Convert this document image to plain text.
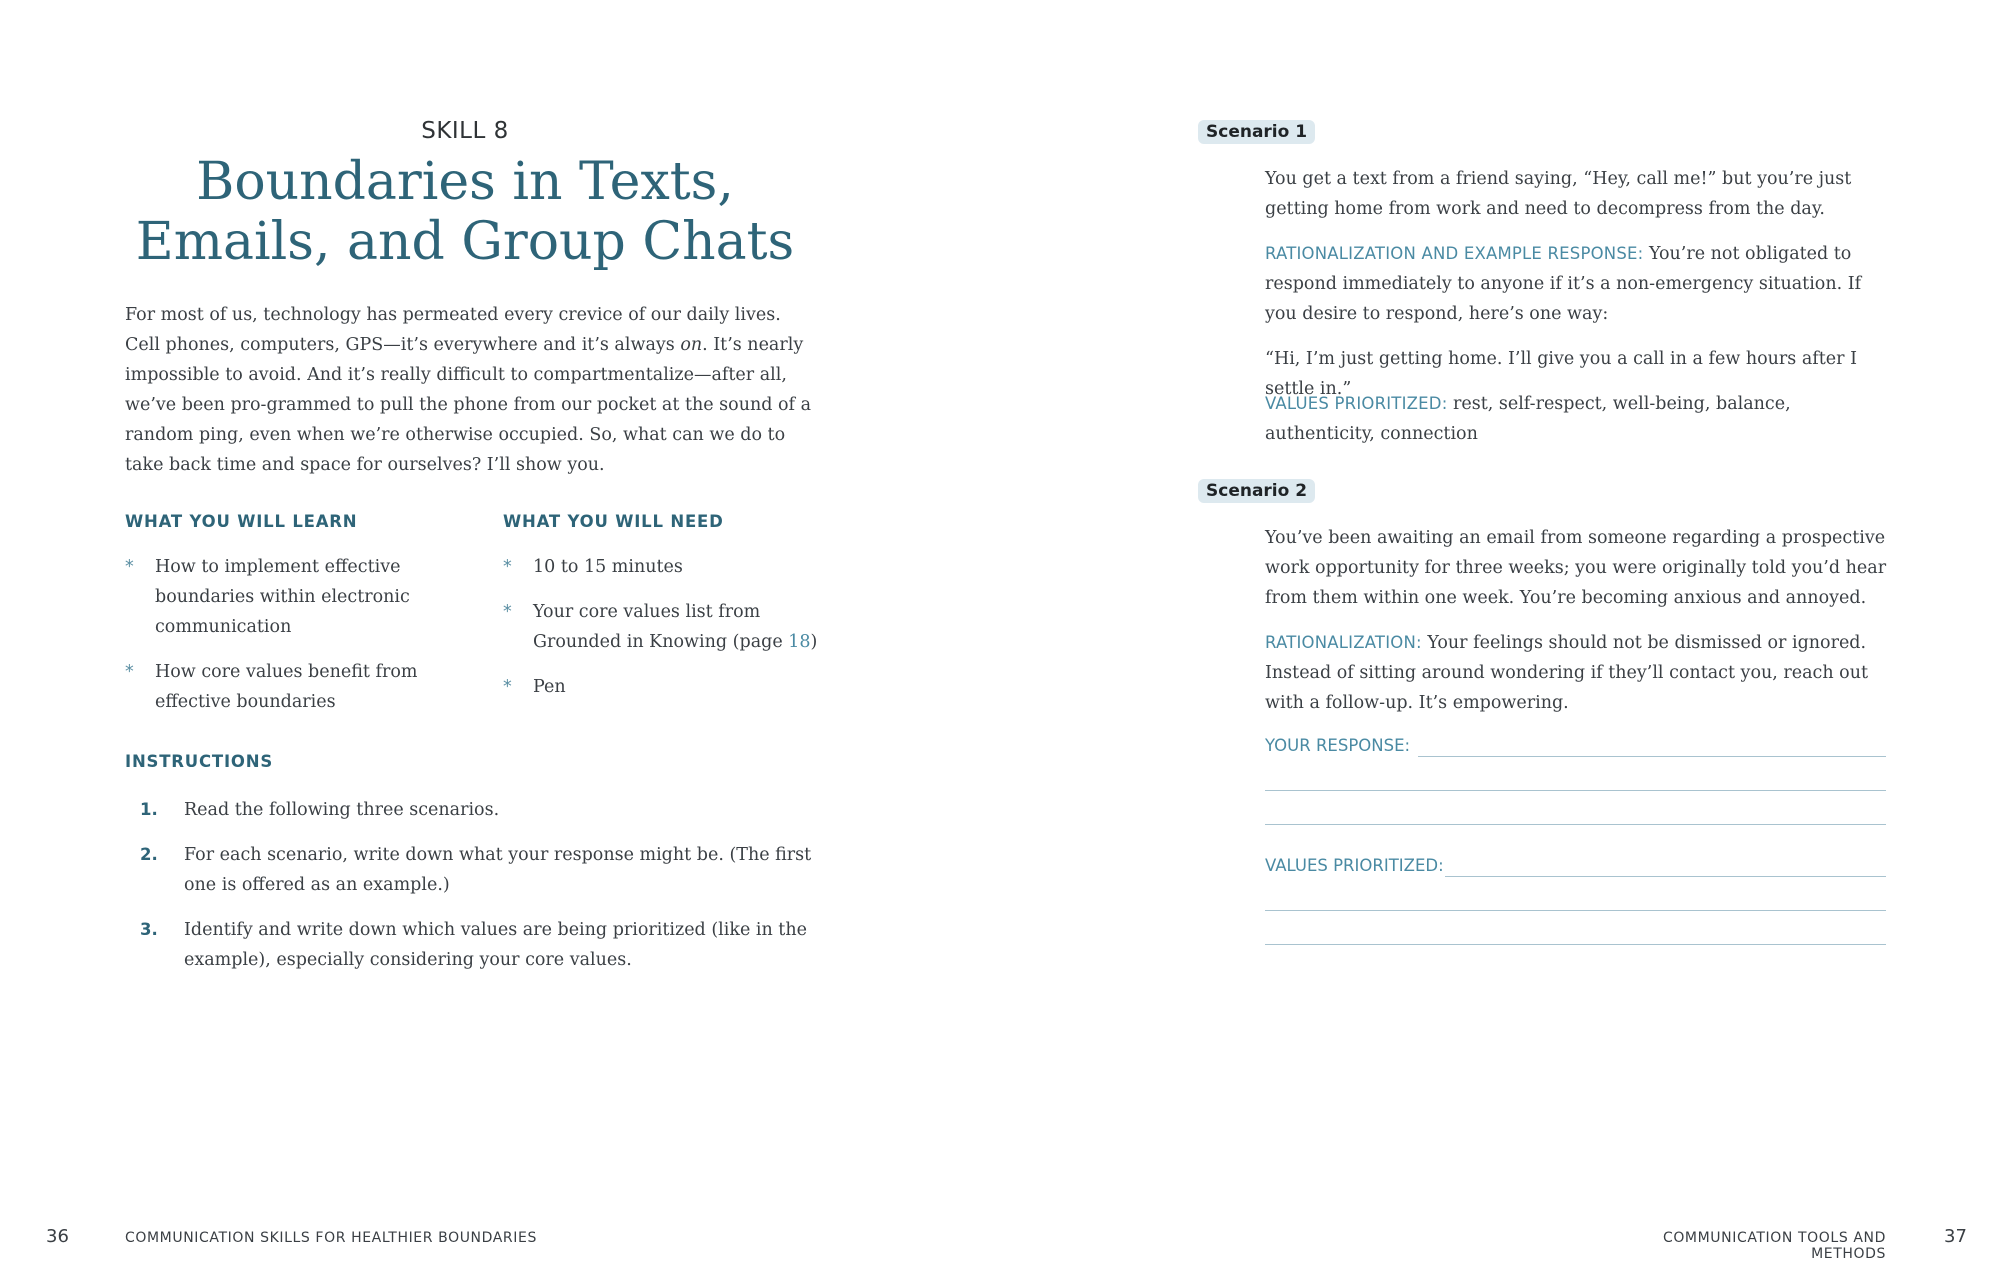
SKILL 8
Boundaries in Texts,
Emails, and Group Chats

For most of us, technology has permeated every crevice of our daily lives. Cell phones, computers, GPS—it’s everywhere and it’s always on. It’s nearly impossible to avoid. And it’s really difficult to compartmentalize—after all, we’ve been pro-grammed to pull the phone from our pocket at the sound of a random ping, even when we’re otherwise occupied. So, what can we do to take back time and space for ourselves? I’ll show you.

WHAT YOU WILL LEARN
* How to implement effective boundaries within electronic communication
* How core values benefit from effective boundaries
WHAT YOU WILL NEED
* 10 to 15 minutes
* Your core values list from Grounded in Knowing (page 18)
* Pen
INSTRUCTIONS
1. Read the following three scenarios.
2. For each scenario, write down what your response might be. (The first one is offered as an example.)
3. Identify and write down which values are being prioritized (like in the example), especially considering your core values.
36	COMMUNICATION SKILLS FOR HEALTHIER BOUNDARIES
Scenario 1

You get a text from a friend saying, “Hey, call me!” but you’re just getting home from work and need to decompress from the day.

RATIONALIZATION AND EXAMPLE RESPONSE: You’re not obligated to respond immediately to anyone if it’s a non-emergency situation. If you desire to respond, here’s one way:

“Hi, I’m just getting home. I’ll give you a call in a few hours after I settle in.”

VALUES PRIORITIZED: rest, self-respect, well-being, balance, authenticity, connection

Scenario 2

You’ve been awaiting an email from someone regarding a prospective work opportunity for three weeks; you were originally told you’d hear from them within one week. You’re becoming anxious and annoyed.

RATIONALIZATION: Your feelings should not be dismissed or ignored. Instead of sitting around wondering if they’ll contact you, reach out with a follow-up. It’s empowering.

YOUR RESPONSE:
VALUES PRIORITIZED:
COMMUNICATION TOOLS AND METHODS
37
